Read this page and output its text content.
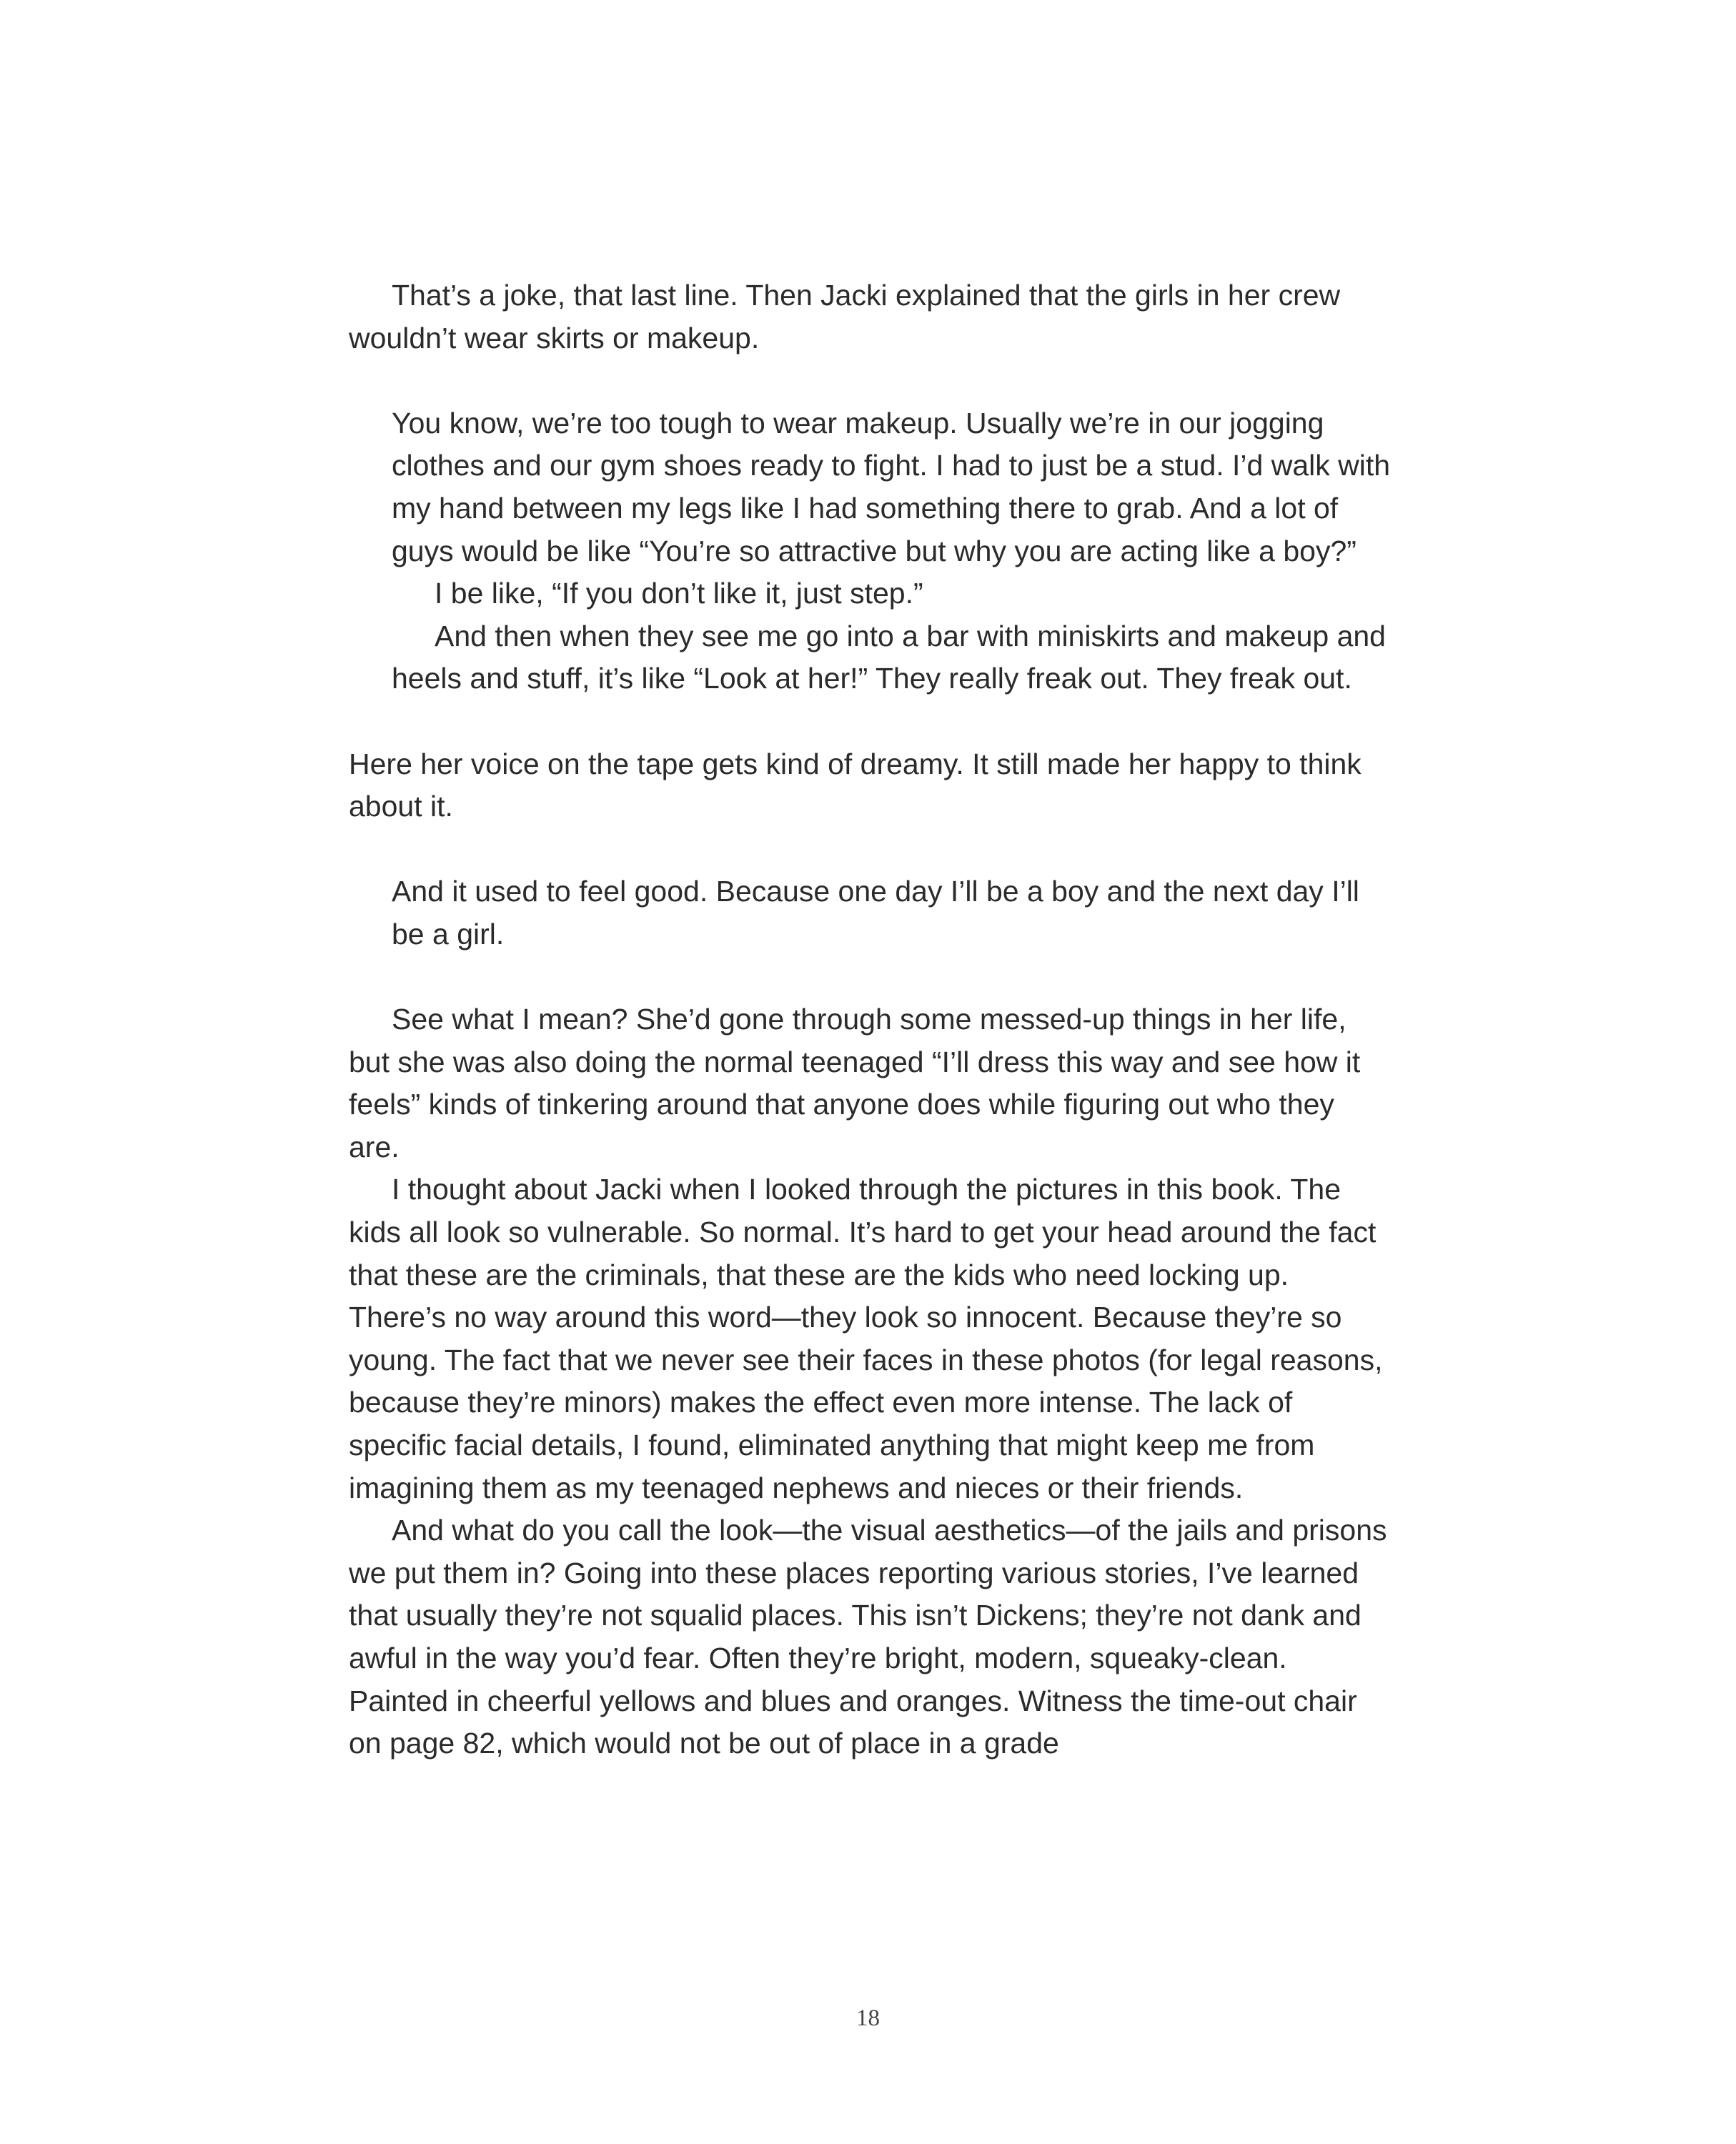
That’s a joke, that last line. Then Jacki explained that the girls in her crew wouldn’t wear skirts or makeup.

You know, we’re too tough to wear makeup. Usually we’re in our jogging clothes and our gym shoes ready to fight. I had to just be a stud. I’d walk with my hand between my legs like I had something there to grab. And a lot of guys would be like “You’re so attractive but why you are acting like a boy?”

I be like, “If you don’t like it, just step.”

And then when they see me go into a bar with miniskirts and makeup and heels and stuff, it’s like “Look at her!” They really freak out. They freak out.

Here her voice on the tape gets kind of dreamy. It still made her happy to think about it.

And it used to feel good. Because one day I’ll be a boy and the next day I’ll be a girl.

See what I mean? She’d gone through some messed-up things in her life, but she was also doing the normal teenaged “I’ll dress this way and see how it feels” kinds of tinkering around that anyone does while figuring out who they are.

I thought about Jacki when I looked through the pictures in this book. The kids all look so vulnerable. So normal. It’s hard to get your head around the fact that these are the criminals, that these are the kids who need locking up. There’s no way around this word—they look so innocent. Because they’re so young. The fact that we never see their faces in these photos (for legal reasons, because they’re minors) makes the effect even more intense. The lack of specific facial details, I found, eliminated anything that might keep me from imagining them as my teenaged nephews and nieces or their friends.

And what do you call the look—the visual aesthetics—of the jails and prisons we put them in? Going into these places reporting various stories, I’ve learned that usually they’re not squalid places. This isn’t Dickens; they’re not dank and awful in the way you’d fear. Often they’re bright, modern, squeaky-clean. Painted in cheerful yellows and blues and oranges. Witness the time-out chair on page 82, which would not be out of place in a grade

18
